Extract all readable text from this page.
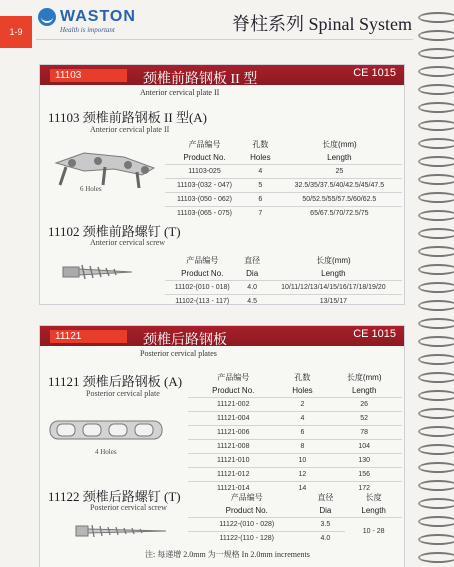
1-9
WASTON
Health is important	脊柱系列 Spinal System
11103	颈椎前路钢板 II 型	CE 1015
Anterior cervical plate II
11103 颈椎前路钢板 II 型(A)
Anterior cervical plate II
6 Holes
产品编号	孔数	长度(mm)
Product No.	Holes	Length
11103-025	4	25
11103-(032 - 047)	5	32.5/35/37.5/40/42.5/45/47.5
11103-(050 - 062)	6	50/52.5/55/57.5/60/62.5
11103-(065 - 075)	7	65/67.5/70/72.5/75
11102 颈椎前路螺钉 (T)
Anterior cervical screw
产品编号	直径	长度(mm)
Product No.	Dia	Length
11102-(010 - 018)	4.0	10/11/12/13/14/15/16/17/18/19/20
11102-(113 - 117)	4.5	13/15/17
11121	颈椎后路钢板	CE 1015
Posterior cervical plates
11121 颈椎后路钢板 (A)
Posterior cervical plate
4 Holes
产品编号	孔数	长度(mm)
Product No.	Holes	Length
11121-002	2	26
11121-004	4	52
11121-006	6	78
11121-008	8	104
11121-010	10	130
11121-012	12	156
11121-014	14	172
11122 颈椎后路螺钉 (T)
Posterior cervical screw
产品编号	直径	长度
Product No.	Dia	Length
11122-(010 - 028)	3.5	10 - 28
11122-(110 - 128)	4.0	
注: 每递增 2.0mm 为一规格 In 2.0mm increments
